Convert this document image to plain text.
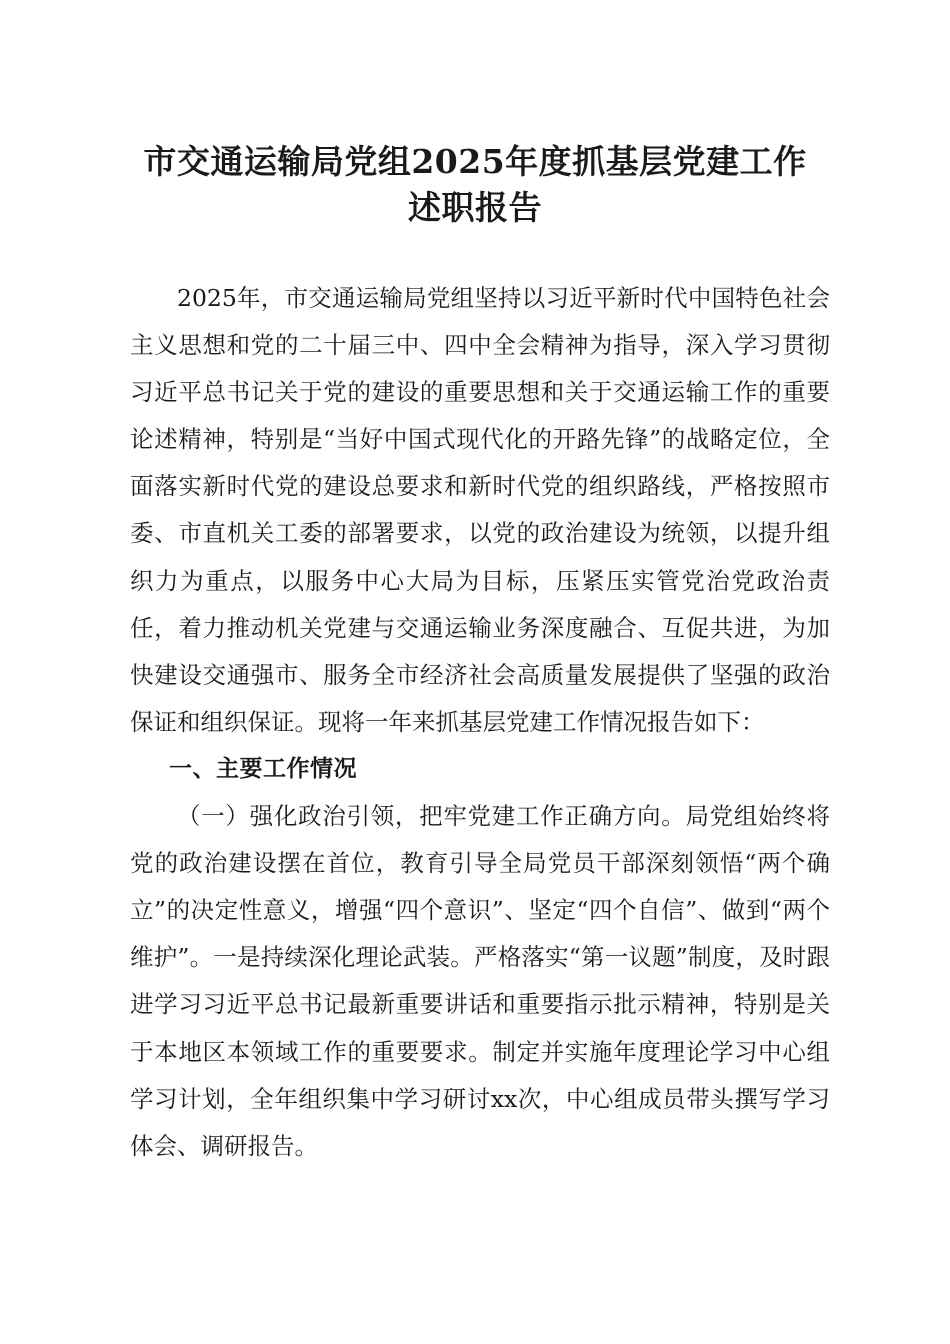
市交通运输局党组2025年度抓基层党建工作
述职报告

2025年，市交通运输局党组坚持以习近平新时代中国特色社会主义思想和党的二十届三中、四中全会精神为指导，深入学习贯彻习近平总书记关于党的建设的重要思想和关于交通运输工作的重要论述精神，特别是“当好中国式现代化的开路先锋”的战略定位，全面落实新时代党的建设总要求和新时代党的组织路线，严格按照市委、市直机关工委的部署要求，以党的政治建设为统领，以提升组织力为重点，以服务中心大局为目标，压紧压实管党治党政治责任，着力推动机关党建与交通运输业务深度融合、互促共进，为加快建设交通强市、服务全市经济社会高质量发展提供了坚强的政治保证和组织保证。现将一年来抓基层党建工作情况报告如下：

一、主要工作情况

（一）强化政治引领，把牢党建工作正确方向。局党组始终将党的政治建设摆在首位，教育引导全局党员干部深刻领悟“两个确立”的决定性意义，增强“四个意识”、坚定“四个自信”、做到“两个维护”。一是持续深化理论武装。严格落实“第一议题”制度，及时跟进学习习近平总书记最新重要讲话和重要指示批示精神，特别是关于本地区本领域工作的重要要求。制定并实施年度理论学习中心组学习计划，全年组织集中学习研讨xx次，中心组成员带头撰写学习体会、调研报告。
